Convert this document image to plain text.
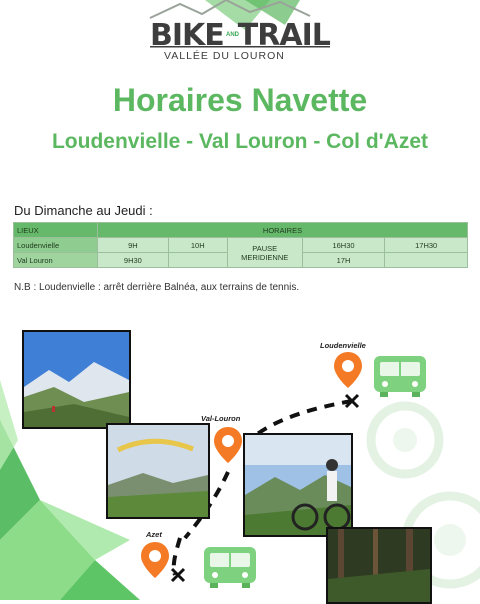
BIKE TRAIL
AND
VALLÉE DU LOURON
Horaires Navette
Loudenvielle - Val Louron - Col d'Azet
Du Dimanche au Jeudi :
LIEUX	HORAIRES				
Loudenvielle	9H	10H	PAUSE MERIDIENNE	16H30	17H30
Val Louron	9H30			17H	
N.B : Loudenvielle : arrêt derrière Balnéa, aux terrains de tennis.
Loudenvielle
Val-Louron
Azet
